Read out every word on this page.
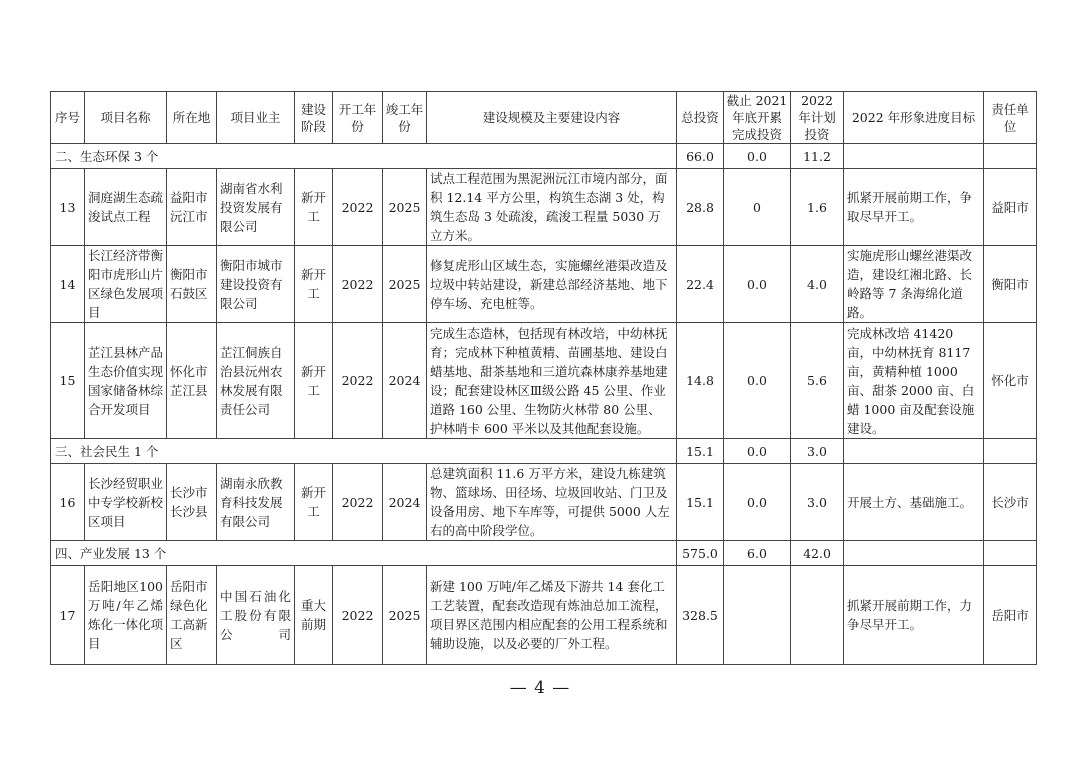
序号	项目名称	所在地	项目业主	建设阶段	开工年份	竣工年份	建设规模及主要建设内容	总投资	截止 2021 年底开累完成投资	2022 年计划投资	2022 年形象进度目标	责任单位
二、生态环保 3 个								66.0	0.0	11.2		
13	洞庭湖生态疏浚试点工程	益阳市沅江市	湖南省水利投资发展有限公司	新开工	2022	2025	试点工程范围为黑泥洲沅江市境内部分，面积 12.14 平方公里，构筑生态湖 3 处，构筑生态岛 3 处疏浚，疏浚工程量 5030 万立方米。	28.8	0	1.6	抓紧开展前期工作，争取尽早开工。	益阳市
14	长江经济带衡阳市虎形山片区绿色发展项目	衡阳市石鼓区	衡阳市城市建设投资有限公司	新开工	2022	2025	修复虎形山区域生态，实施螺丝港渠改造及垃圾中转站建设，新建总部经济基地、地下停车场、充电桩等。	22.4	0.0	4.0	实施虎形山螺丝港渠改造，建设红湘北路、长岭路等 7 条海绵化道路。	衡阳市
15	芷江县林产品生态价值实现国家储备林综合开发项目	怀化市芷江县	芷江侗族自治县沅州农林发展有限责任公司	新开工	2022	2024	完成生态造林，包括现有林改培，中幼林抚育；完成林下种植黄精、苗圃基地、建设白蜡基地、甜茶基地和三道坑森林康养基地建设；配套建设林区Ⅲ级公路 45 公里、作业道路 160 公里、生物防火林带 80 公里、护林哨卡 600 平米以及其他配套设施。	14.8	0.0	5.6	完成林改培 41420 亩，中幼林抚育 8117 亩，黄精种植 1000 亩、甜茶 2000 亩、白蜡 1000 亩及配套设施建设。	怀化市
三、社会民生 1 个								15.1	0.0	3.0		
16	长沙经贸职业中专学校新校区项目	长沙市长沙县	湖南永欣教育科技发展有限公司	新开工	2022	2024	总建筑面积 11.6 万平方米，建设九栋建筑物、篮球场、田径场、垃圾回收站、门卫及设备用房、地下车库等，可提供 5000 人左右的高中阶段学位。	15.1	0.0	3.0	开展土方、基础施工。	长沙市
四、产业发展 13 个								575.0	6.0	42.0		
17	岳阳地区100 万吨/年乙烯炼化一体化项目	岳阳市绿色化工高新区	中国石油化工股份有限公司	重大前期	2022	2025	新建 100 万吨/年乙烯及下游共 14 套化工工艺装置，配套改造现有炼油总加工流程，项目界区范围内相应配套的公用工程系统和辅助设施，以及必要的厂外工程。	328.5			抓紧开展前期工作，力争尽早开工。	岳阳市
— 4 —
